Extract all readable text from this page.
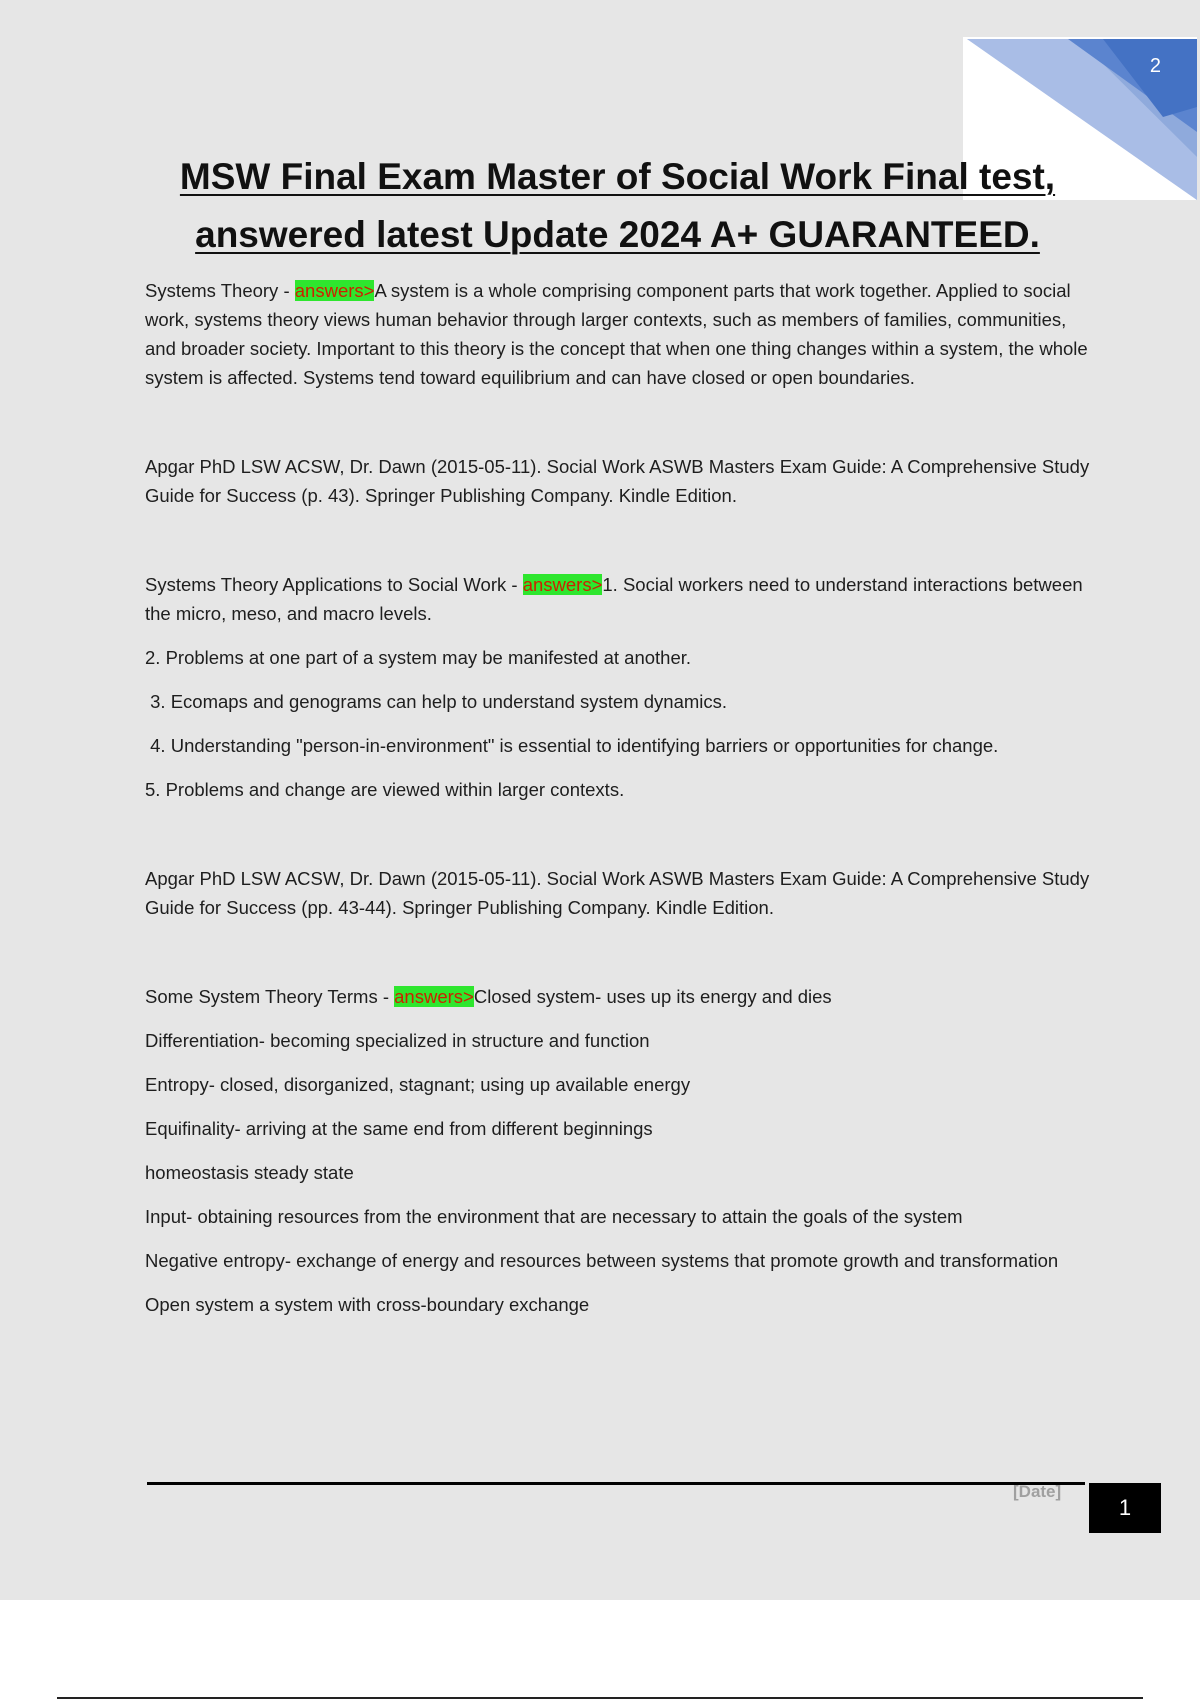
2
MSW Final Exam Master of Social Work Final test,
answered latest Update 2024 A+ GUARANTEED.

Systems Theory - answers>A system is a whole comprising component parts that work together. Applied to social work, systems theory views human behavior through larger contexts, such as members of families, communities, and broader society. Important to this theory is the concept that when one thing changes within a system, the whole system is affected. Systems tend toward equilibrium and can have closed or open boundaries.

Apgar PhD LSW ACSW, Dr. Dawn (2015-05-11). Social Work ASWB Masters Exam Guide: A Comprehensive Study Guide for Success (p. 43). Springer Publishing Company. Kindle Edition.

Systems Theory Applications to Social Work - answers>1. Social workers need to understand interactions between the micro, meso, and macro levels.

2. Problems at one part of a system may be manifested at another.

3. Ecomaps and genograms can help to understand system dynamics.

4. Understanding "person-in-environment" is essential to identifying barriers or opportunities for change.

5. Problems and change are viewed within larger contexts.

Apgar PhD LSW ACSW, Dr. Dawn (2015-05-11). Social Work ASWB Masters Exam Guide: A Comprehensive Study Guide for Success (pp. 43-44). Springer Publishing Company. Kindle Edition.

Some System Theory Terms - answers>Closed system- uses up its energy and dies

Differentiation- becoming specialized in structure and function

Entropy- closed, disorganized, stagnant; using up available energy

Equifinality- arriving at the same end from different beginnings

homeostasis steady state

Input- obtaining resources from the environment that are necessary to attain the goals of the system

Negative entropy- exchange of energy and resources between systems that promote growth and transformation

Open system a system with cross-boundary exchange

[Date]
1
